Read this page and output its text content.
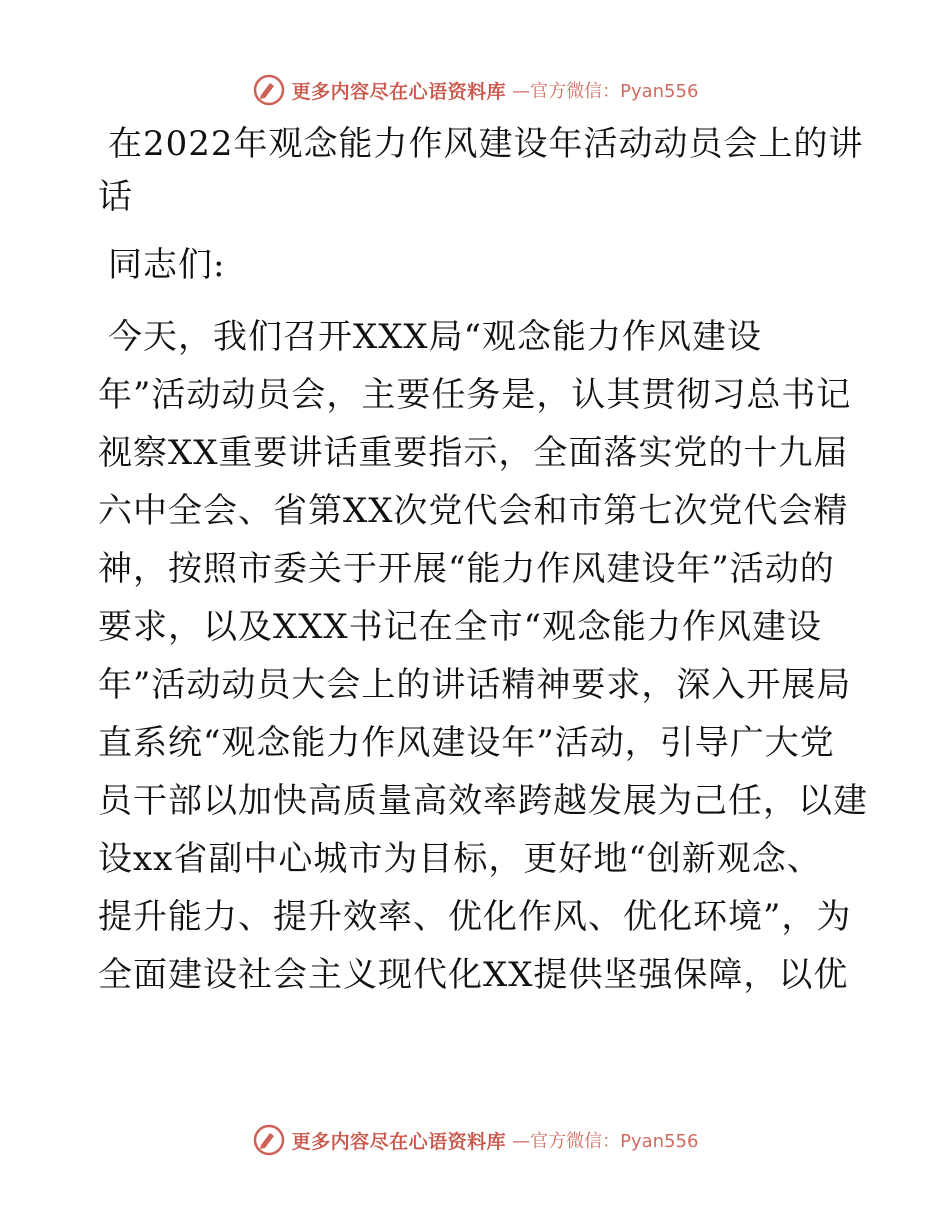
更多内容尽在心语资料库 —官方微信：Pyan556
在2022年观念能力作风建设年活动动员会上的讲
话
同志们:
今天，我们召开XXX局“观念能力作风建设
年”活动动员会，主要任务是，认其贯彻习总书记
视察XX重要讲话重要指示，全面落实党的十九届
六中全会、省第XX次党代会和市第七次党代会精
神，按照市委关于开展“能力作风建设年”活动的
要求，以及XXX书记在全市“观念能力作风建设
年”活动动员大会上的讲话精神要求，深入开展局
直系统“观念能力作风建设年”活动，引导广大党
员干部以加快高质量高效率跨越发展为己任，以建
设xx省副中心城市为目标，更好地“创新观念、
提升能力、提升效率、优化作风、优化环境”，为
全面建设社会主义现代化XX提供坚强保障，以优
更多内容尽在心语资料库 —官方微信：Pyan556
